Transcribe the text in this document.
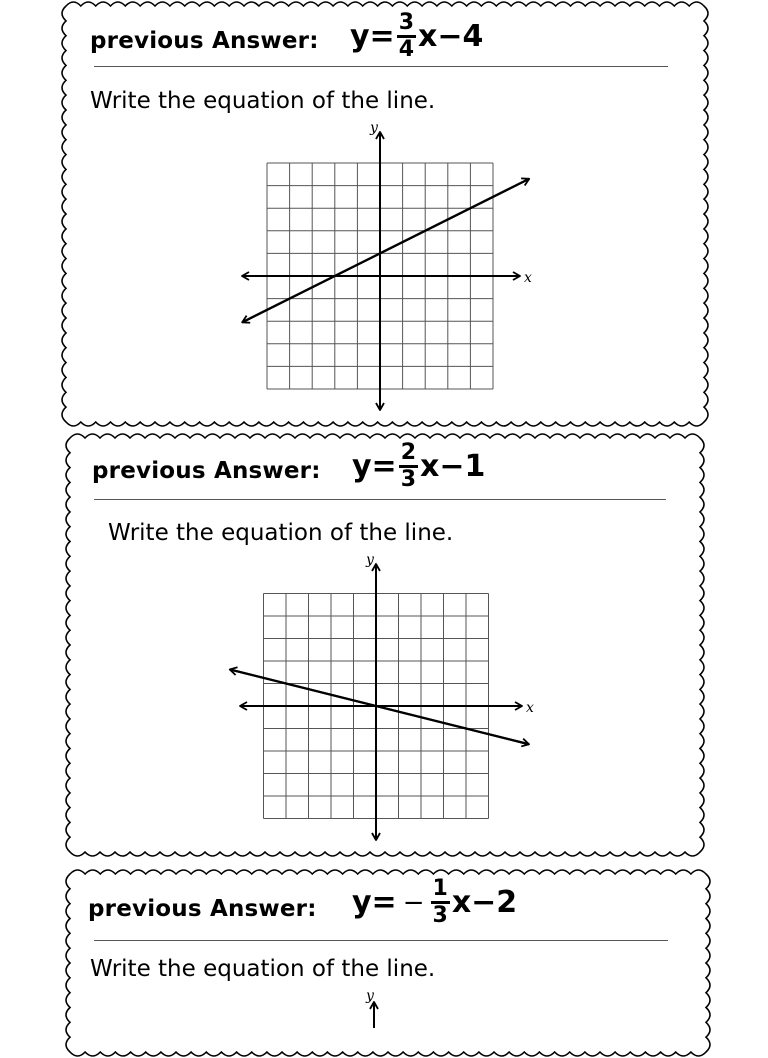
previous Answer: $y= \frac{3}{4} x-4$
Write the equation of the line.
x
y
previous Answer: $y= \frac{2}{3} x-1$
Write the equation of the line.
x
y
previous Answer: $y= - \frac{1}{3} x-2$
Write the equation of the line.
y
